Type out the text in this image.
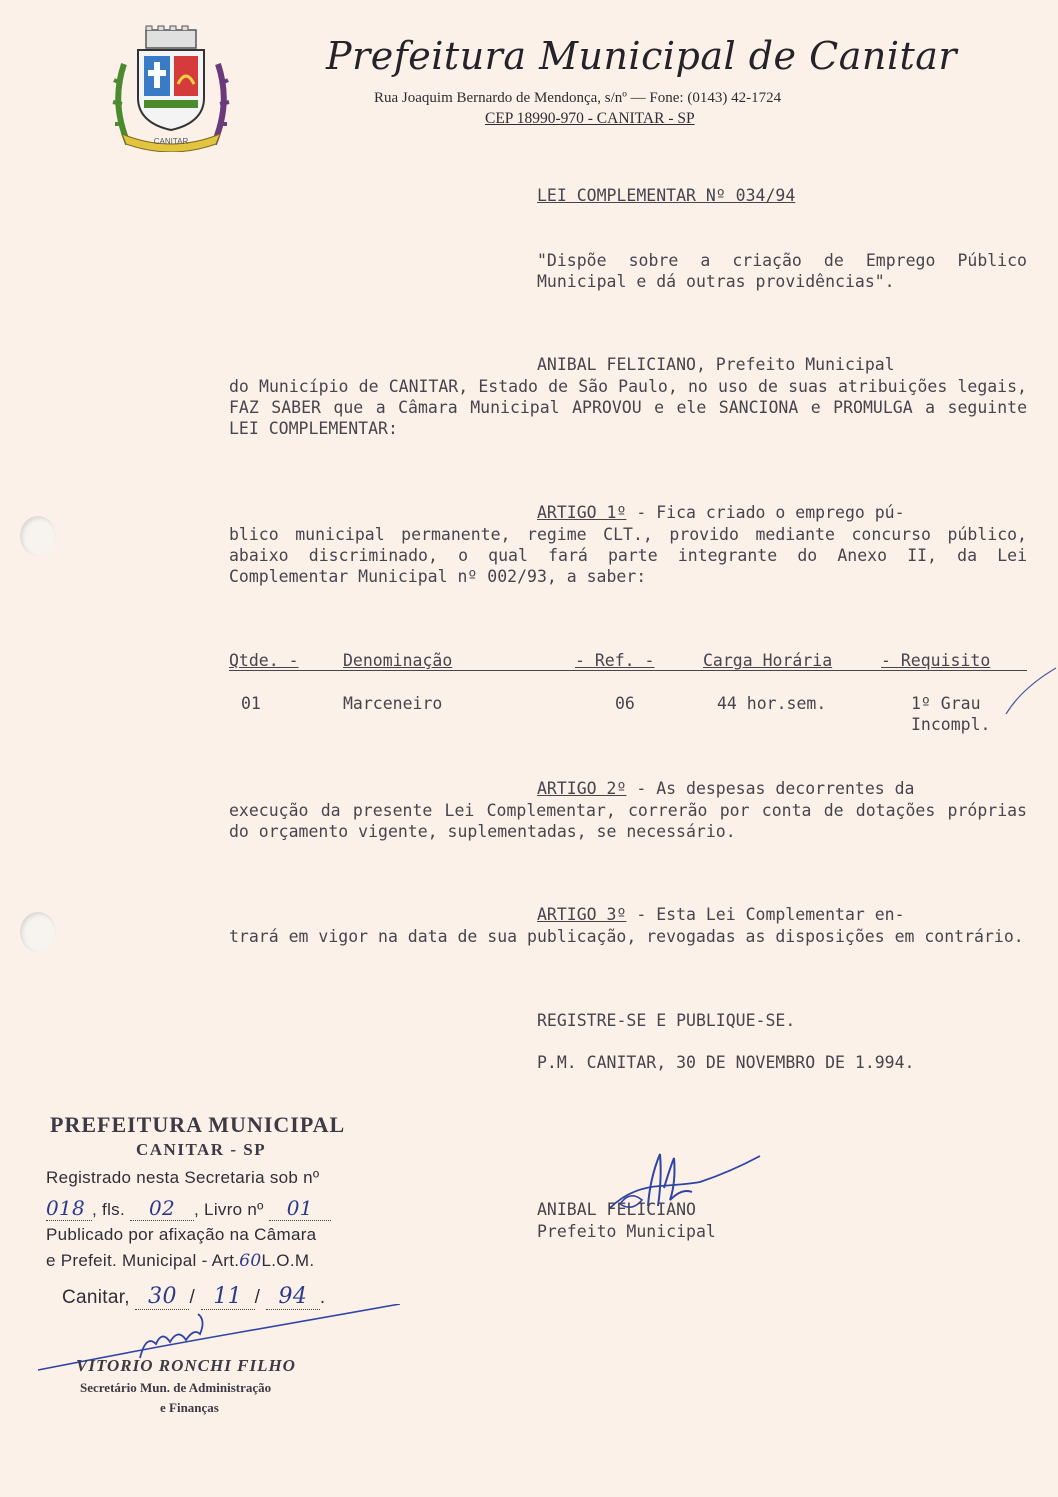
CANITAR
Prefeitura Municipal de Canitar
Rua Joaquim Bernardo de Mendonça, s/nº — Fone: (0143) 42-1724
CEP 18990-970 - CANITAR - SP
LEI COMPLEMENTAR Nº 034/94
"Dispõe sobre a criação de Emprego Público Municipal e dá outras providências".
ANIBAL FELICIANO, Prefeito Municipal
do Município de CANITAR, Estado de São Paulo, no uso de suas atribuições legais, FAZ SABER que a Câmara Municipal APROVOU e ele SANCIONA e PROMULGA a seguinte LEI COMPLEMENTAR:
ARTIGO 1º - Fica criado o emprego pú-
blico municipal permanente, regime CLT., provido mediante concurso público, abaixo discriminado, o qual fará parte integrante do Anexo II, da Lei Complementar Municipal nº 002/93, a saber:
Qtde. -	Denominação	- Ref. -	Carga Horária	- Requisito
01	Marceneiro	06	44 hor.sem.	1º Grau
Incompl.
ARTIGO 2º - As despesas decorrentes da
execução da presente Lei Complementar, correrão por conta de dotações próprias do orçamento vigente, suplementadas, se necessário.
ARTIGO 3º - Esta Lei Complementar en-
trará em vigor na data de sua publicação, revogadas as disposições em contrário.
REGISTRE-SE E PUBLIQUE-SE.
P.M. CANITAR, 30 DE NOVEMBRO DE 1.994.
ANIBAL FELICIANO
Prefeito Municipal
PREFEITURA MUNICIPAL
CANITAR - SP
Registrado nesta Secretaria sob nº
018 , fls. 02 , Livro nº 01
Publicado por afixação na Câmara
e Prefeit. Municipal - Art.60L.O.M.
Canitar, 30 / 11 / 94 .
VITORIO RONCHI FILHO
Secretário Mun. de Administração
e Finanças
